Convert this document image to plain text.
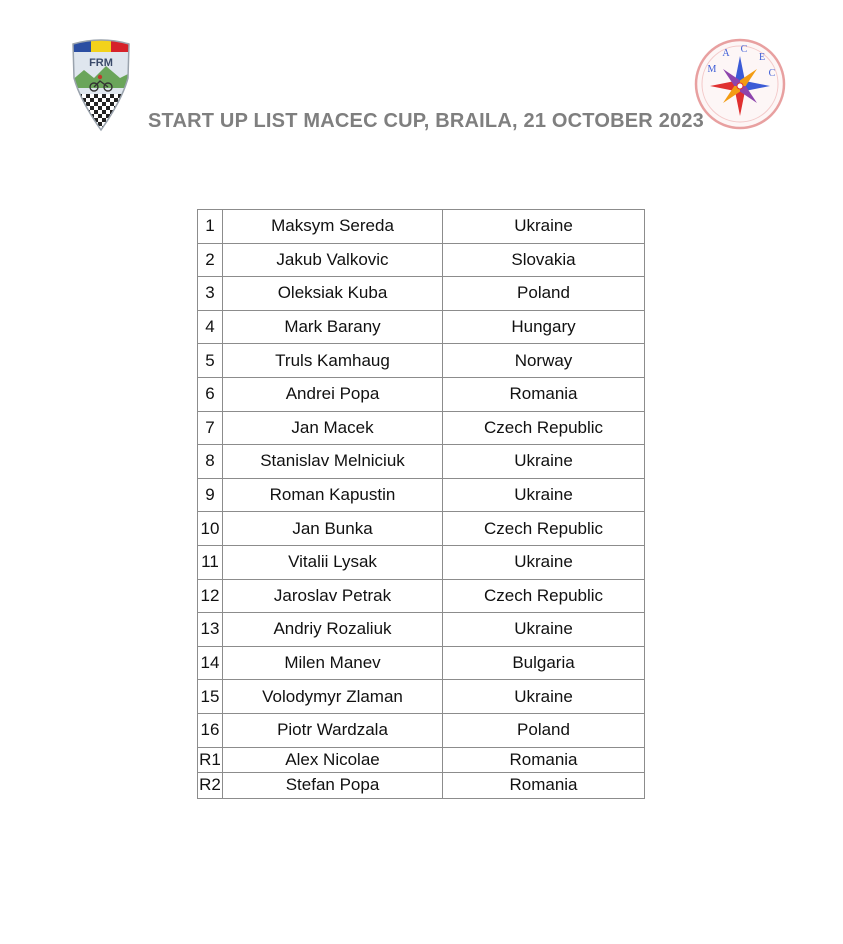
FRM
M
A C
E
C
START UP LIST MACEC CUP, BRAILA, 21 OCTOBER 2023
1	Maksym Sereda	Ukraine
2	Jakub Valkovic	Slovakia
3	Oleksiak Kuba	Poland
4	Mark Barany	Hungary
5	Truls Kamhaug	Norway
6	Andrei Popa	Romania
7	Jan Macek	Czech Republic
8	Stanislav Melniciuk	Ukraine
9	Roman Kapustin	Ukraine
10	Jan Bunka	Czech Republic
11	Vitalii Lysak	Ukraine
12	Jaroslav Petrak	Czech Republic
13	Andriy Rozaliuk	Ukraine
14	Milen Manev	Bulgaria
15	Volodymyr Zlaman	Ukraine
16	Piotr Wardzala	Poland
R1	Alex Nicolae	Romania
R2	Stefan Popa	Romania
